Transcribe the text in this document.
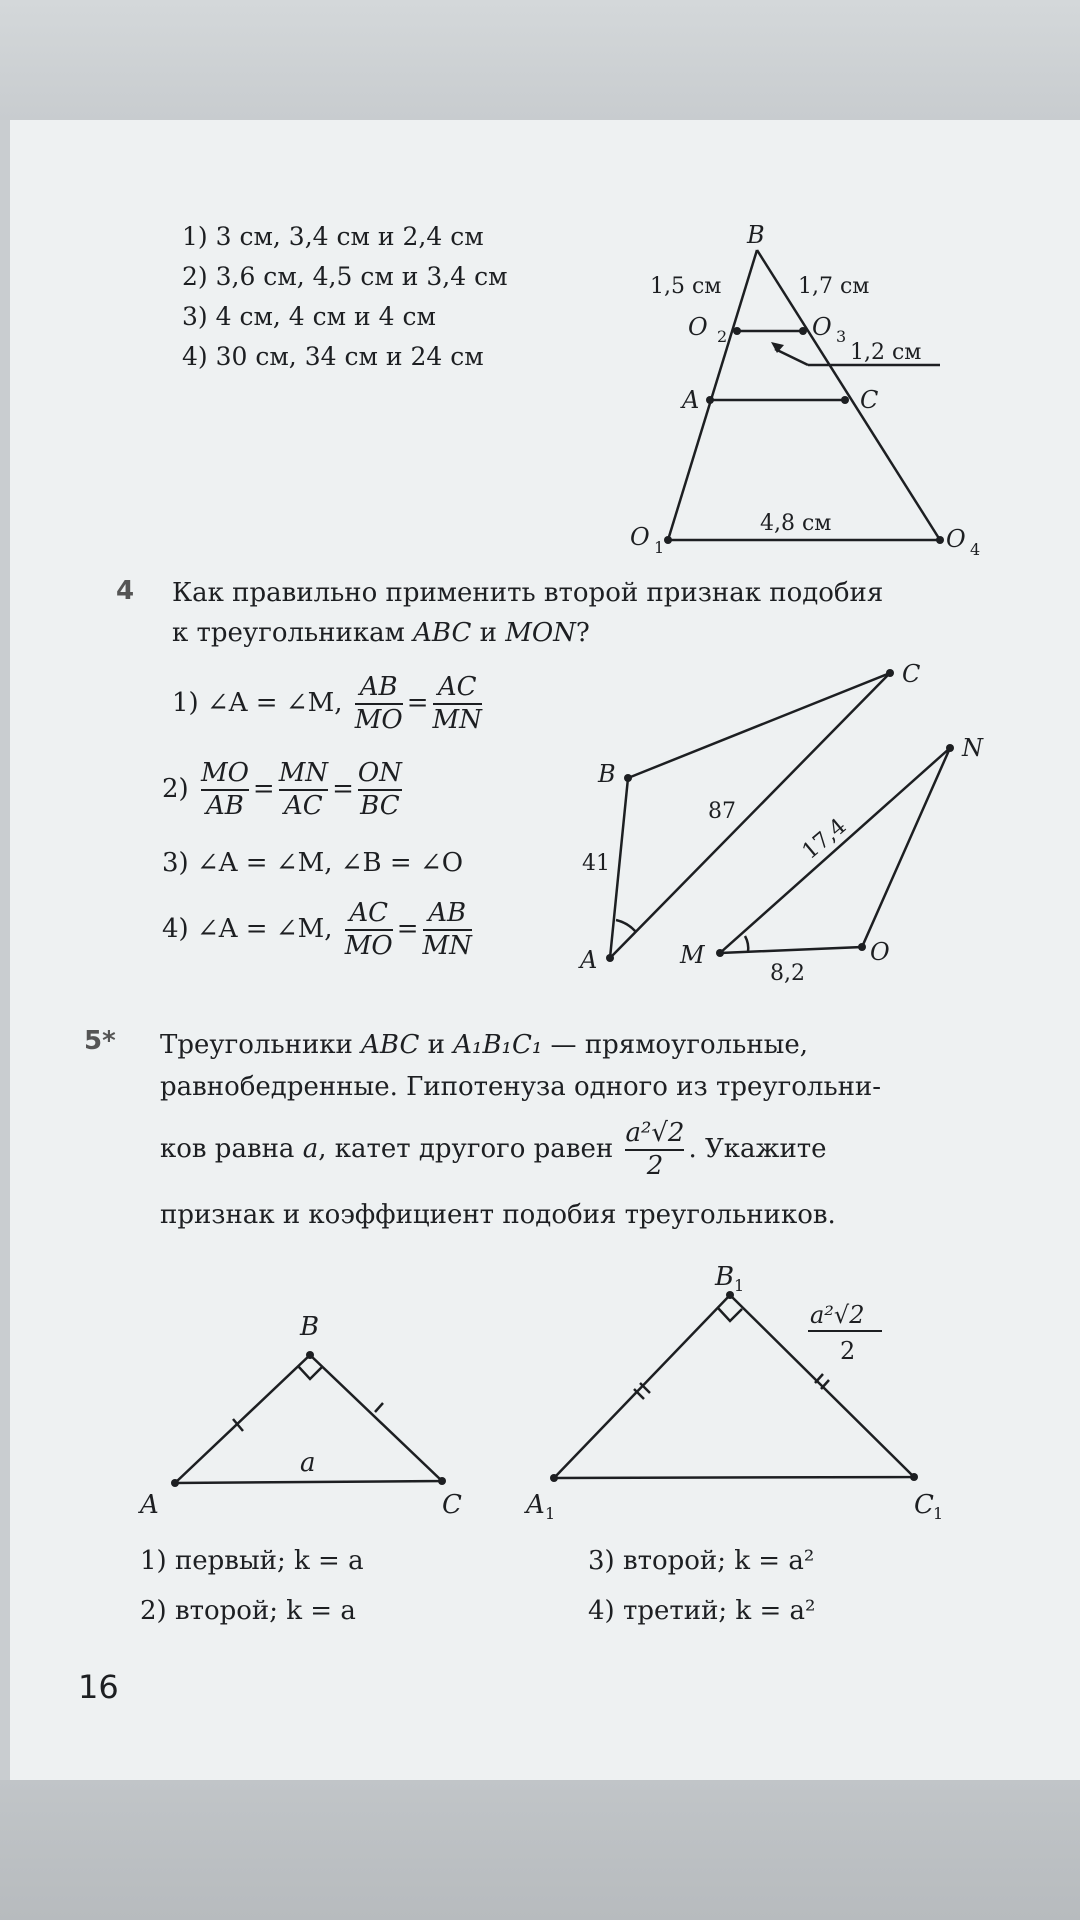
1) 3 см, 3,4 см и 2,4 см
2) 3,6 см, 4,5 см и 3,4 см
3) 4 см, 4 см и 4 см
4) 30 см, 34 см и 24 см
B
O 2	O 3
A	C
O 1	O 4
1,5 см	1,7 см
1,2 см
4,8 см
4 Как правильно применить второй признак подобия
к треугольникам ABC и MON?
1) ∠A = ∠M, $\frac{AB}{MO} = \frac{AC}{MN}$
$2) \frac{MO}{AB} = \frac{MN}{AC} = \frac{ON}{BC}$
3) ∠A = ∠M, ∠B = ∠O
4) ∠A = ∠M, $\frac{AC}{MO} = \frac{AB}{MN}$	A
B
C
M	O
N
41
87
17,4
8,2
5* Треугольники ABC и A₁B₁C₁ — прямоугольные,
равнобедренные. Гипотенуза одного из треугольни-
ков равна a, катет другого равен $\frac{\text{a²√2}}{2}$ . Укажите
признак и коэффициент подобия треугольников.
A
B
C
a
A 1
B 1
C 1
a²√2
2
1) первый; k = a
2) второй; k = a
3) второй; k = a²
4) третий; k = a²
16
